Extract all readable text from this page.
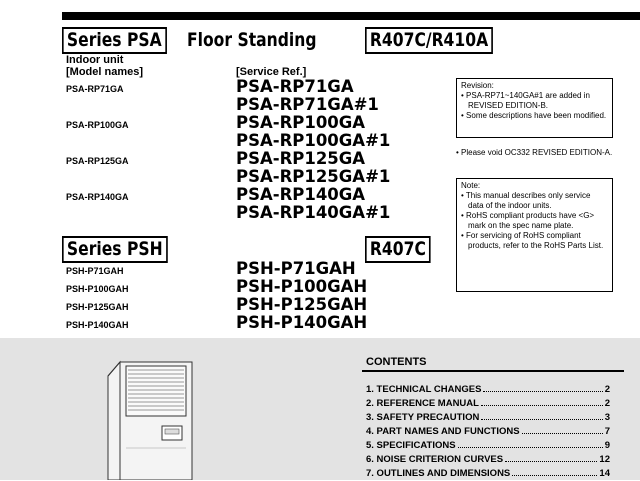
Series PSA Floor Standing	R407C/R410A
Indoor unit
[Model names]	[Service Ref.]
PSA-RP71GA	PSA-RP71GA
PSA-RP71GA#1
PSA-RP100GA	PSA-RP100GA
PSA-RP100GA#1
PSA-RP125GA	PSA-RP125GA
PSA-RP125GA#1
PSA-RP140GA	PSA-RP140GA
PSA-RP140GA#1
Series PSH	R407C
PSH-P71GAH	PSH-P71GAH
PSH-P100GAH	PSH-P100GAH
PSH-P125GAH	PSH-P125GAH
PSH-P140GAH	PSH-P140GAH
Revision:
• PSA-RP71~140GA#1 are added in REVISED EDITION-B.
• Some descriptions have been modified.
• Please void OC332 REVISED EDITION-A.
Note:
• This manual describes only service data of the indoor units.
• RoHS compliant products have <G> mark on the spec name plate.
• For servicing of RoHS compliant products, refer to the RoHS Parts List.
CONTENTS
1. TECHNICAL CHANGES	2
2. REFERENCE MANUAL	2
3. SAFETY PRECAUTION	3
4. PART NAMES AND FUNCTIONS	7
5. SPECIFICATIONS	9
6. NOISE CRITERION CURVES	12
7. OUTLINES AND DIMENSIONS	14
